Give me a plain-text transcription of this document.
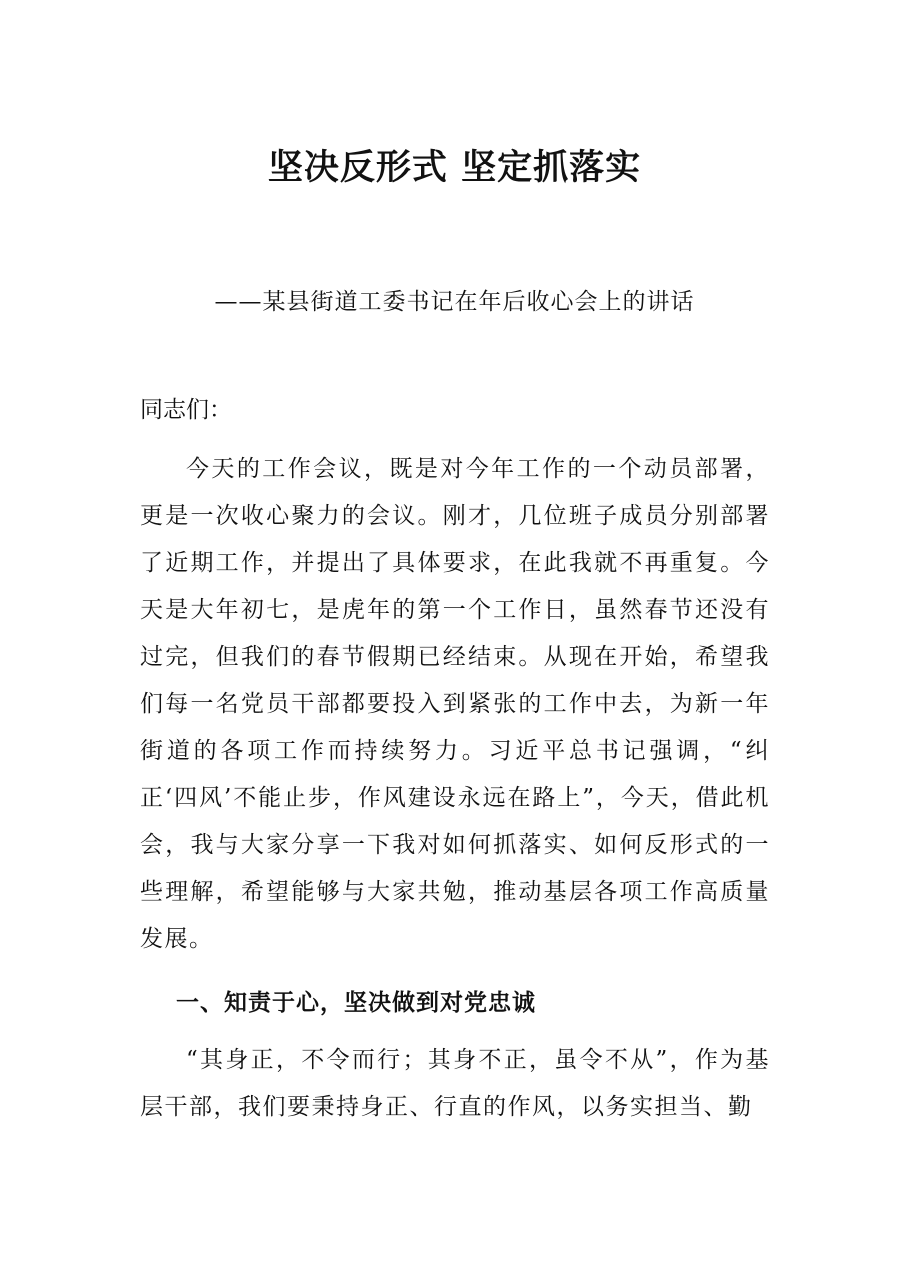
坚决反形式 坚定抓落实
——某县街道工委书记在年后收心会上的讲话
同志们：

今天的工作会议，既是对今年工作的一个动员部署，更是一次收心聚力的会议。刚才，几位班子成员分别部署了近期工作，并提出了具体要求，在此我就不再重复。今天是大年初七，是虎年的第一个工作日，虽然春节还没有过完，但我们的春节假期已经结束。从现在开始，希望我们每一名党员干部都要投入到紧张的工作中去，为新一年街道的各项工作而持续努力。习近平总书记强调，“纠正‘四风’不能止步，作风建设永远在路上”，今天，借此机会，我与大家分享一下我对如何抓落实、如何反形式的一些理解，希望能够与大家共勉，推动基层各项工作高质量发展。

一、知责于心，坚决做到对党忠诚

“其身正，不令而行；其身不正，虽令不从”，作为基层干部，我们要秉持身正、行直的作风，以务实担当、勤
